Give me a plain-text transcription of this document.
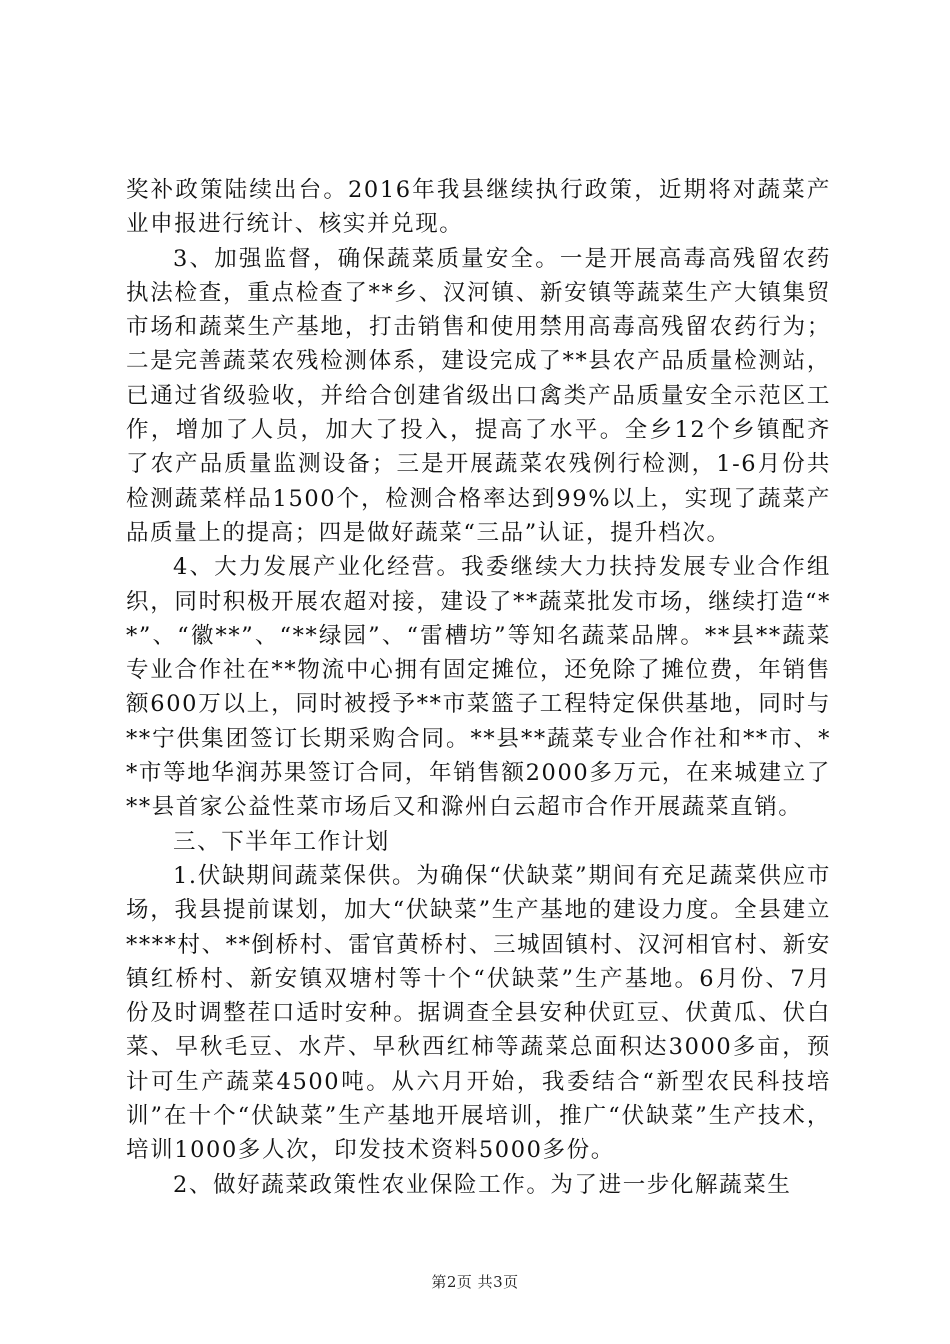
奖补政策陆续出台。2016年我县继续执行政策，近期将对蔬菜产业申报进行统计、核实并兑现。

3、加强监督，确保蔬菜质量安全。一是开展高毒高残留农药执法检查，重点检查了**乡、汉河镇、新安镇等蔬菜生产大镇集贸市场和蔬菜生产基地，打击销售和使用禁用高毒高残留农药行为；二是完善蔬菜农残检测体系，建设完成了**县农产品质量检测站，已通过省级验收，并给合创建省级出口禽类产品质量安全示范区工作，增加了人员，加大了投入，提高了水平。全乡12个乡镇配齐了农产品质量监测设备；三是开展蔬菜农残例行检测，1-6月份共检测蔬菜样品1500个，检测合格率达到99%以上，实现了蔬菜产品质量上的提高；四是做好蔬菜“三品”认证，提升档次。

4、大力发展产业化经营。我委继续大力扶持发展专业合作组织，同时积极开展农超对接，建设了**蔬菜批发市场，继续打造“**”、“徽**”、“**绿园”、“雷槽坊”等知名蔬菜品牌。**县**蔬菜专业合作社在**物流中心拥有固定摊位，还免除了摊位费，年销售额600万以上，同时被授予**市菜篮子工程特定保供基地，同时与**宁供集团签订长期采购合同。**县**蔬菜专业合作社和**市、**市等地华润苏果签订合同，年销售额2000多万元，在来城建立了**县首家公益性菜市场后又和滁州白云超市合作开展蔬菜直销。

三、下半年工作计划

1.伏缺期间蔬菜保供。为确保“伏缺菜”期间有充足蔬菜供应市场，我县提前谋划，加大“伏缺菜”生产基地的建设力度。全县建立****村、**倒桥村、雷官黄桥村、三城固镇村、汉河相官村、新安镇红桥村、新安镇双塘村等十个“伏缺菜”生产基地。6月份、7月份及时调整茬口适时安种。据调查全县安种伏豇豆、伏黄瓜、伏白菜、早秋毛豆、水芹、早秋西红柿等蔬菜总面积达3000多亩，预计可生产蔬菜4500吨。从六月开始，我委结合“新型农民科技培训”在十个“伏缺菜”生产基地开展培训，推广“伏缺菜”生产技术，培训1000多人次，印发技术资料5000多份。

2、做好蔬菜政策性农业保险工作。为了进一步化解蔬菜生

第2页 共3页
